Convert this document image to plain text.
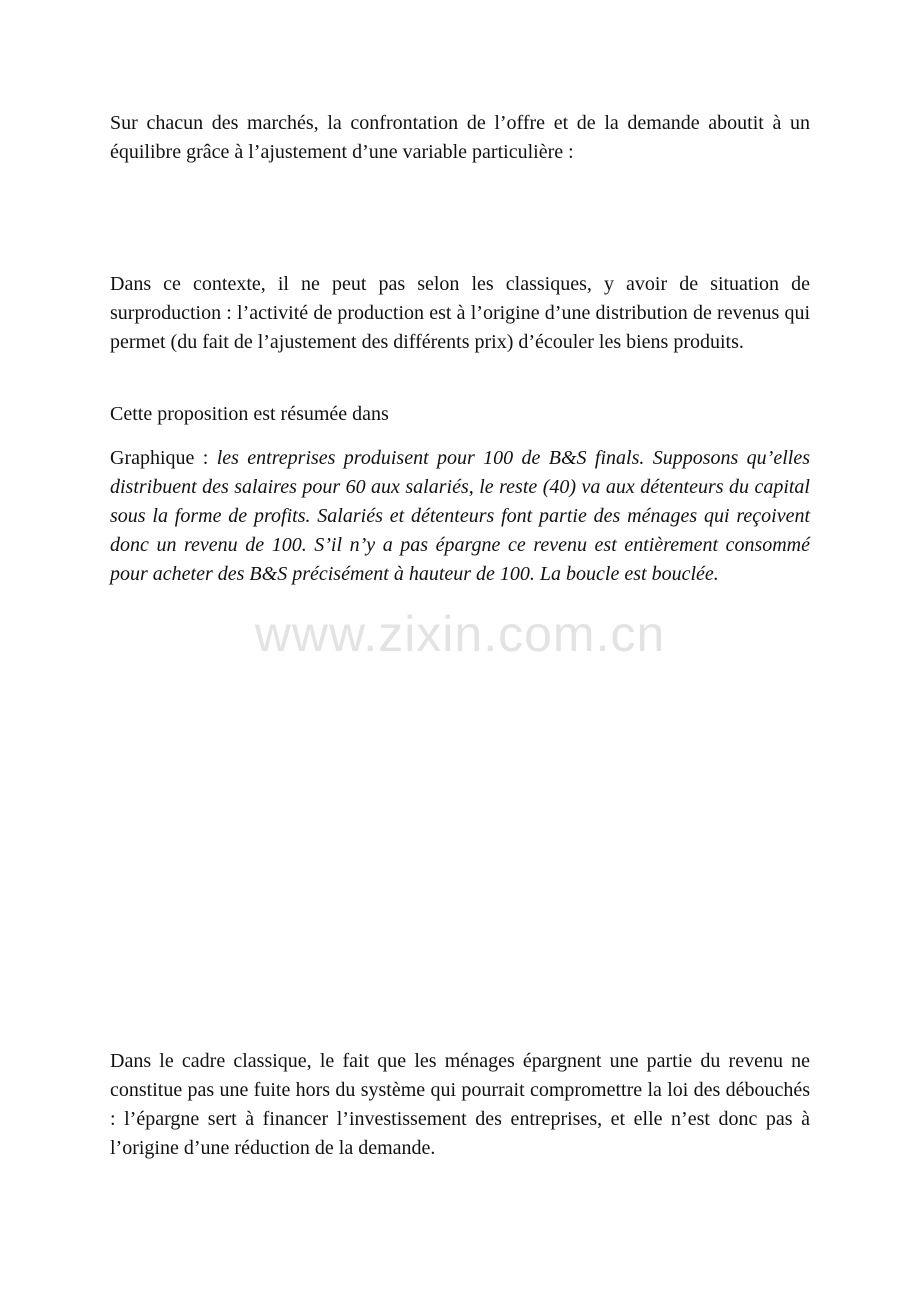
Sur chacun des marchés, la confrontation de l’offre et de la demande aboutit à un équilibre grâce à l’ajustement d’une variable particulière :

Dans ce contexte, il ne peut pas selon les classiques, y avoir de situation de surproduction : l’activité de production est à l’origine d’une distribution de revenus qui permet (du fait de l’ajustement des différents prix) d’écouler les biens produits.

Cette proposition est résumée dans

Graphique : les entreprises produisent pour 100 de B&S finals. Supposons qu’elles distribuent des salaires pour 60 aux salariés, le reste (40) va aux détenteurs du capital sous la forme de profits. Salariés et détenteurs font partie des ménages qui reçoivent donc un revenu de 100. S’il n’y a pas épargne ce revenu est entièrement consommé pour acheter des B&S précisément à hauteur de 100. La boucle est bouclée.

www.zixin.com.cn

Dans le cadre classique, le fait que les ménages épargnent une partie du revenu ne constitue pas une fuite hors du système qui pourrait compromettre la loi des débouchés : l’épargne sert à financer l’investissement des entreprises, et elle n’est donc pas à l’origine d’une réduction de la demande.
